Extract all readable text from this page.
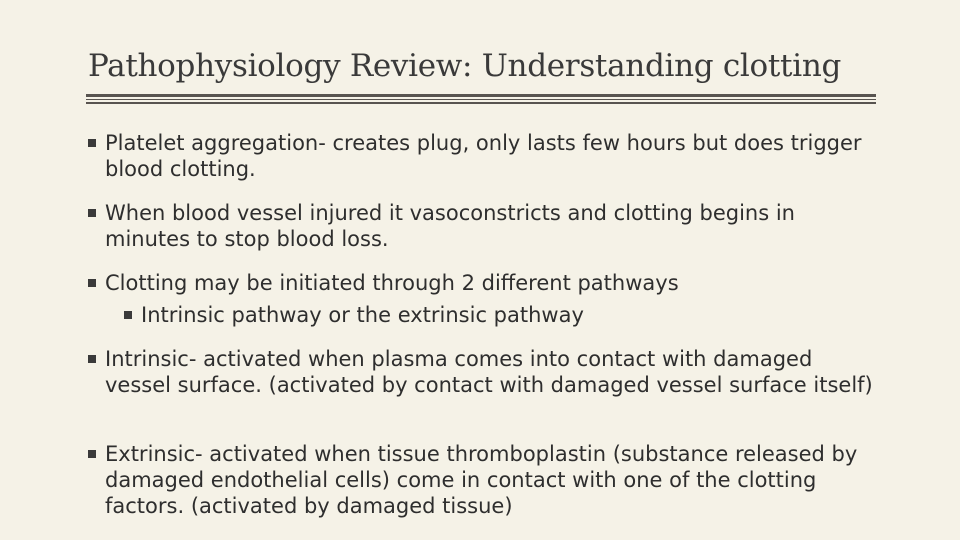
Pathophysiology Review: Understanding clotting
Platelet aggregation- creates plug, only lasts few hours but does trigger blood clotting.
When blood vessel injured it vasoconstricts and clotting begins in minutes to stop blood loss.
Clotting may be initiated through 2 different pathways
Intrinsic pathway or the extrinsic pathway
Intrinsic- activated when plasma comes into contact with damaged vessel surface. (activated by contact with damaged vessel surface itself)
Extrinsic- activated when tissue thromboplastin (substance released by damaged endothelial cells) come in contact with one of the clotting factors. (activated by damaged tissue)
